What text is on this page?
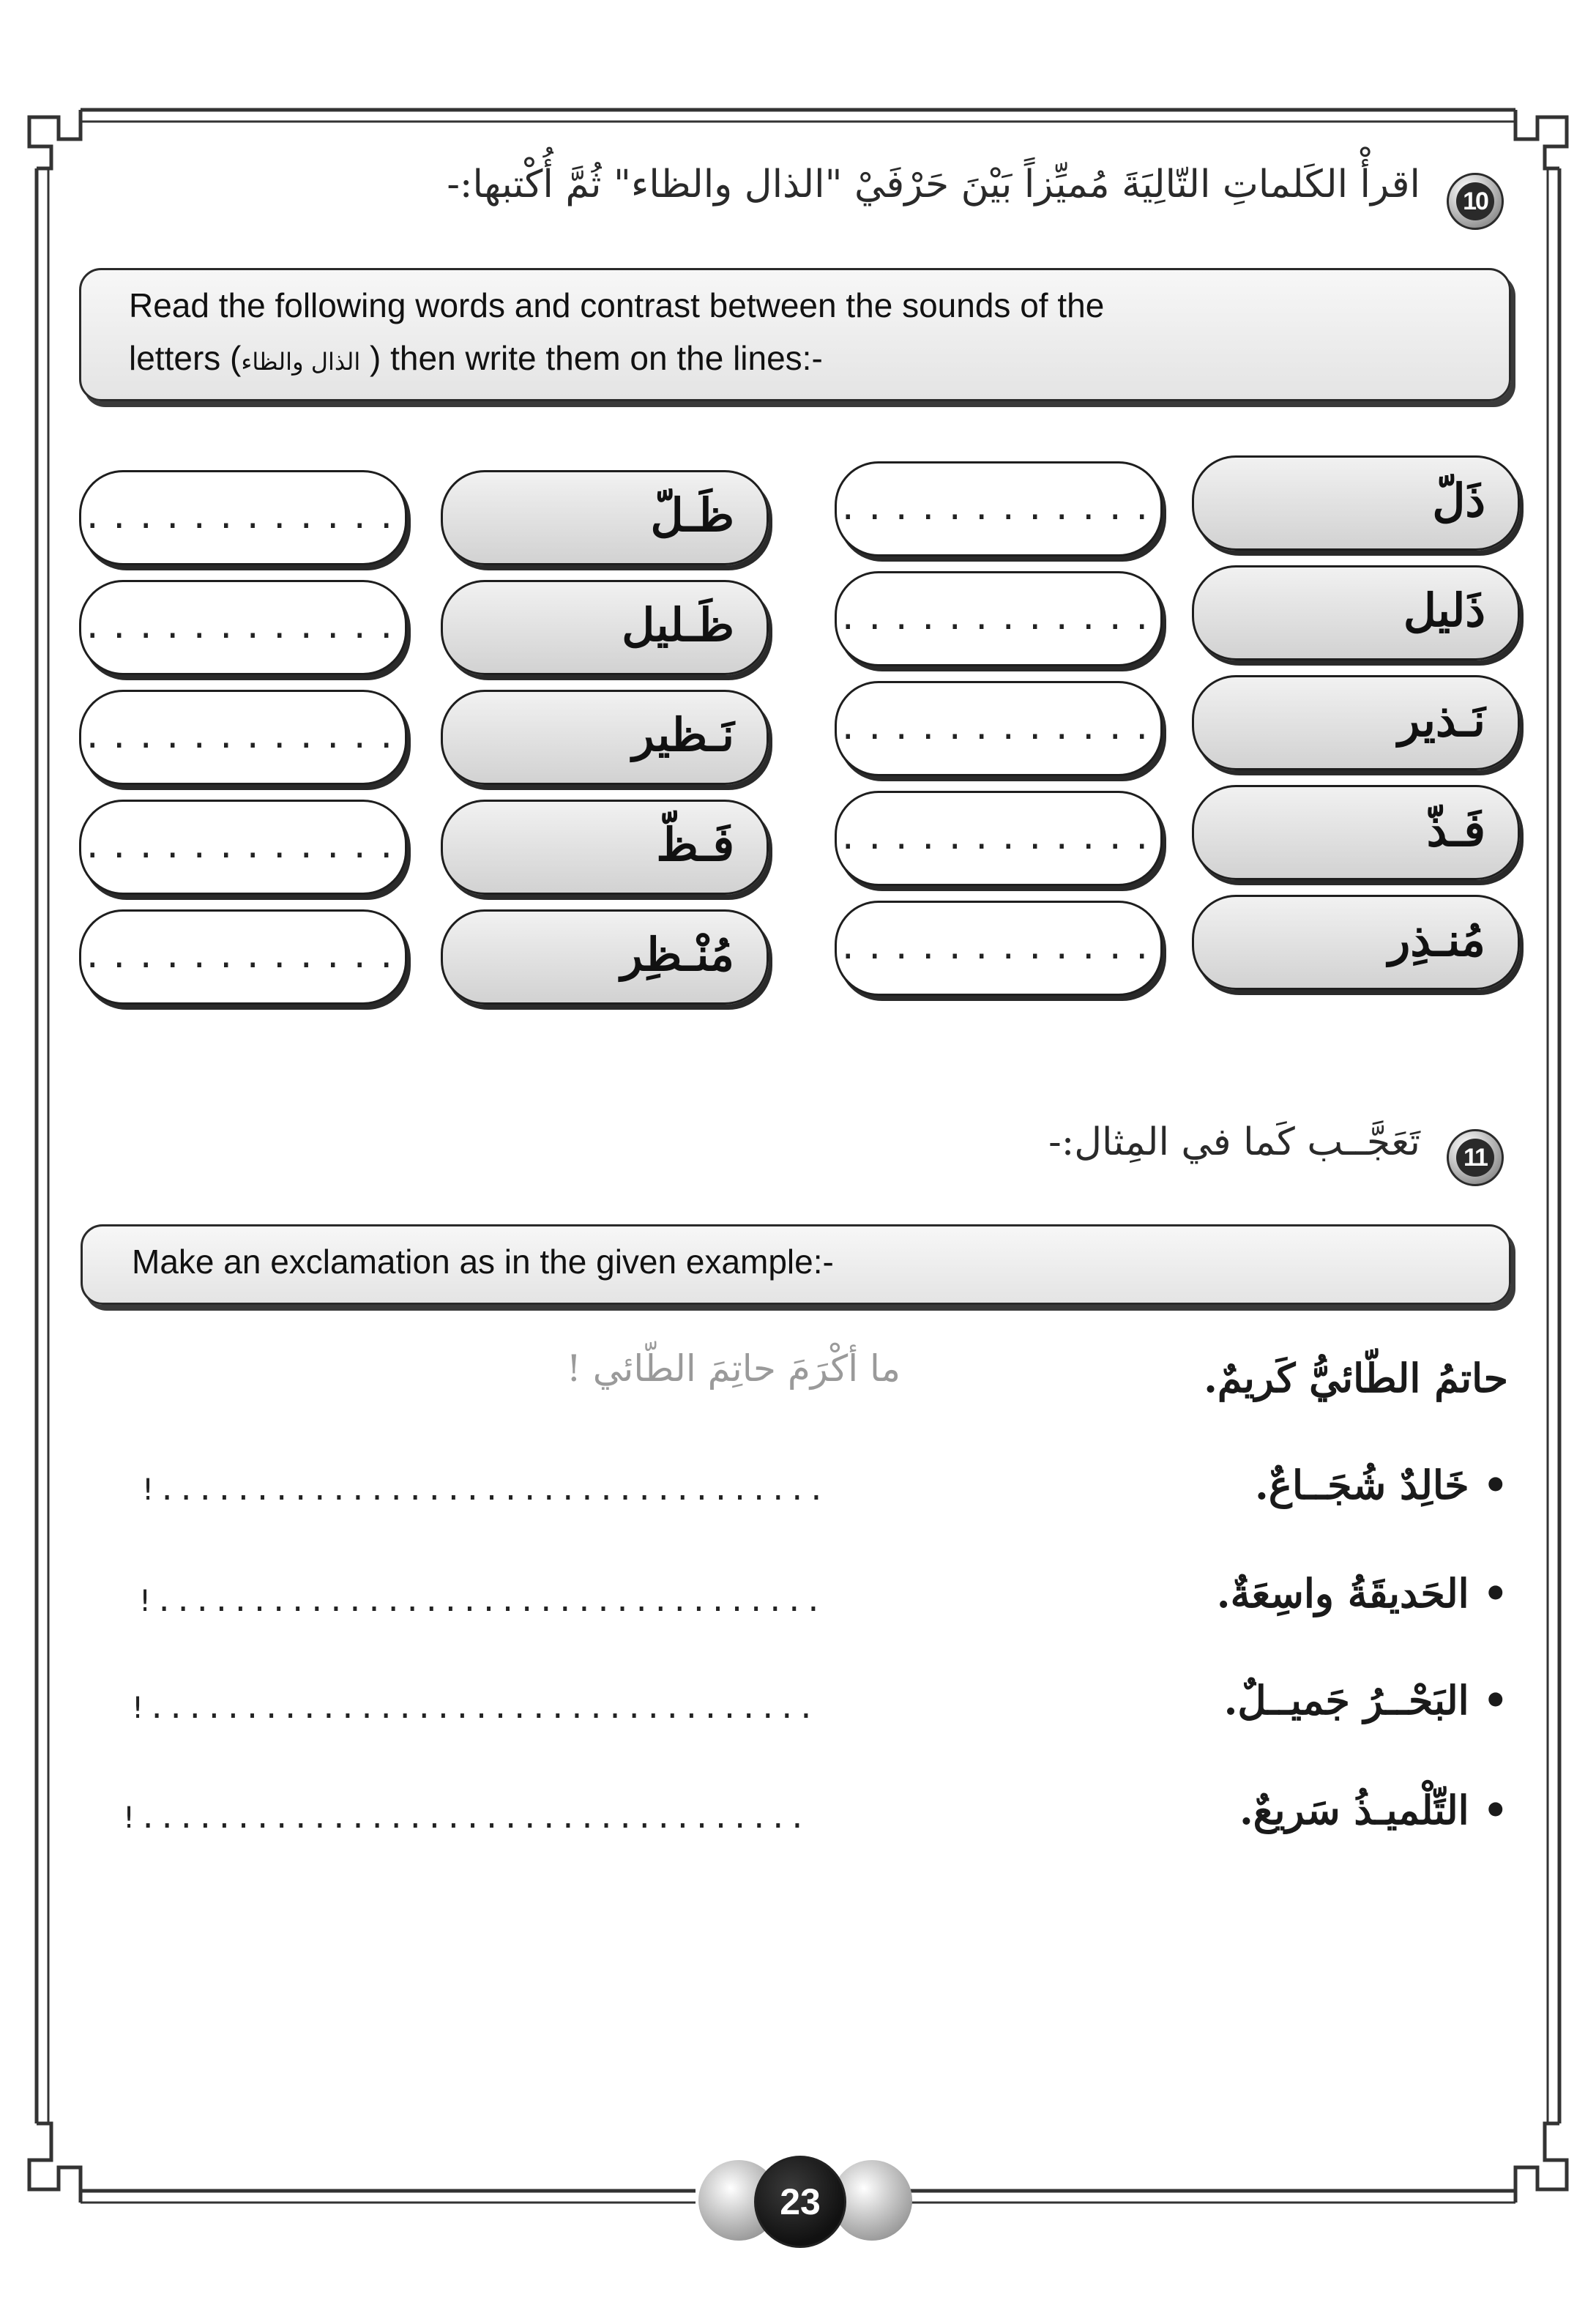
10
اقرأْ الكَلماتِ التّالِيَةَ مُميِّزاً بَيْنَ حَرْفَيْ "الذال والظاء" ثُمَّ أُكْتبها:-
Read the following words and contrast between the sounds of the
letters (الذال والظاء ) then write them on the lines:-
ذَلّ
ذَليل
نَـذير
فَـذّ
مُنـذِر
............
............
............
............
............
ظَـلّ
ظَـليل
نَـظير
فَـظّ
مُنْـظِر
............
............
............
............
............
11
تَعَجَّــب كَما في المِثال:-
Make an exclamation as in the given example:-
حاتمُ الطّائيُّ كَريمٌ.
ما أكْرَمَ حاتِمَ الطّائي !
• خَالِدٌ شُجَــاعٌ.
!...................................
• الحَديقَةُ واسِعَةٌ.
!...................................
• البَحْــرُ جَميــلٌ.
!...................................
• التِّلْميـذُ سَريعٌ.
!...................................
23
